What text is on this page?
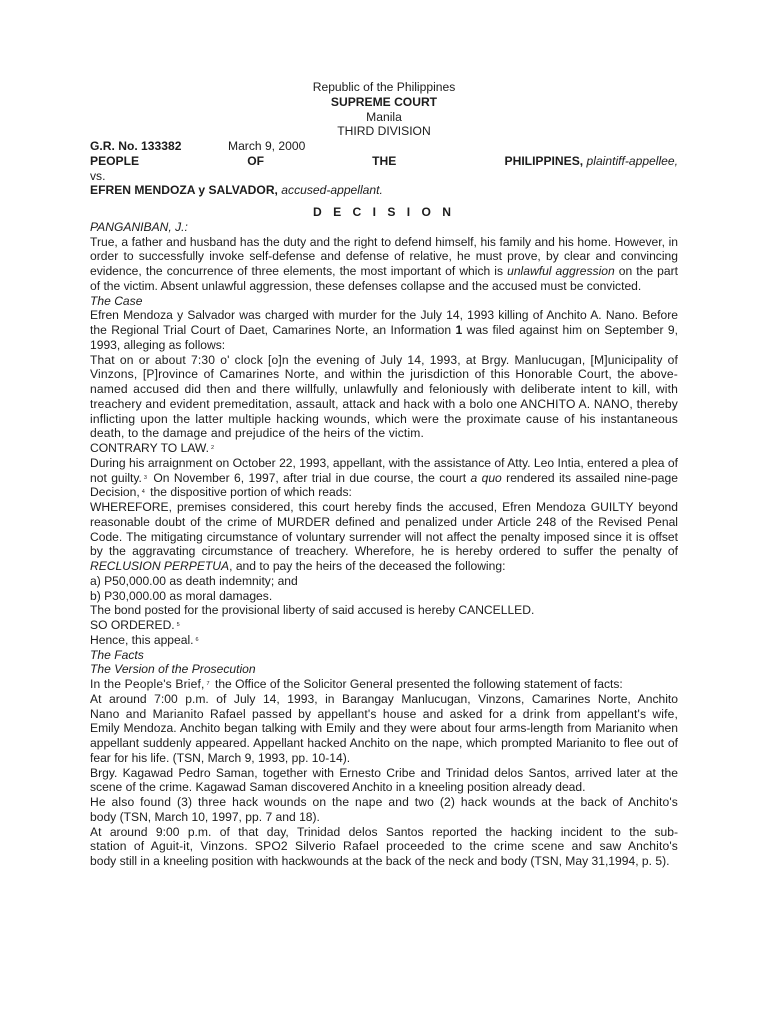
Republic of the Philippines
SUPREME COURT
Manila
THIRD DIVISION
G.R. No. 133382	March 9, 2000
PEOPLE	OF	THE	PHILIPPINES, plaintiff-appellee,
vs.
EFREN MENDOZA y SALVADOR, accused-appellant.
D E C I S I O N
PANGANIBAN, J.:

True, a father and husband has the duty and the right to defend himself, his family and his home. However, in order to successfully invoke self-defense and defense of relative, he must prove, by clear and convincing evidence, the concurrence of three elements, the most important of which is unlawful aggression on the part of the victim. Absent unlawful aggression, these defenses collapse and the accused must be convicted.

The Case

Efren Mendoza y Salvador was charged with murder for the July 14, 1993 killing of Anchito A. Nano. Before the Regional Trial Court of Daet, Camarines Norte, an Information 1 was filed against him on September 9, 1993, alleging as follows:

That on or about 7:30 o' clock [o]n the evening of July 14, 1993, at Brgy. Manlucugan, [M]unicipality of Vinzons, [P]rovince of Camarines Norte, and within the jurisdiction of this Honorable Court, the above-named accused did then and there willfully, unlawfully and feloniously with deliberate intent to kill, with treachery and evident premeditation, assault, attack and hack with a bolo one ANCHITO A. NANO, thereby inflicting upon the latter multiple hacking wounds, which were the proximate cause of his instantaneous death, to the damage and prejudice of the heirs of the victim.

CONTRARY TO LAW. $^2$

During his arraignment on October 22, 1993, appellant, with the assistance of Atty. Leo Intia, entered a plea of not guilty. $^3$ On November 6, 1997, after trial in due course, the court a quo rendered its assailed nine-page Decision, $^4$ the dispositive portion of which reads:

WHEREFORE, premises considered, this court hereby finds the accused, Efren Mendoza GUILTY beyond reasonable doubt of the crime of MURDER defined and penalized under Article 248 of the Revised Penal Code. The mitigating circumstance of voluntary surrender will not affect the penalty imposed since it is offset by the aggravating circumstance of treachery. Wherefore, he is hereby ordered to suffer the penalty of RECLUSION PERPETUA, and to pay the heirs of the deceased the following:

a) P50,000.00 as death indemnity; and
b) P30,000.00 as moral damages.
The bond posted for the provisional liberty of said accused is hereby CANCELLED.
SO ORDERED. $^5$
Hence, this appeal. $^6$
The Facts
The Version of the Prosecution
In the People's Brief, $^7$ the Office of the Solicitor General presented the following statement of facts:
At around 7:00 p.m. of July 14, 1993, in Barangay Manlucugan, Vinzons, Camarines Norte, Anchito
Nano and Marianito Rafael passed by appellant's house and asked for a drink from appellant's wife,

Emily Mendoza. Anchito began talking with Emily and they were about four arms-length from Marianito when appellant suddenly appeared. Appellant hacked Anchito on the nape, which prompted Marianito to flee out of fear for his life. (TSN, March 9, 1993, pp. 10-14).

Brgy. Kagawad Pedro Saman, together with Ernesto Cribe and Trinidad delos Santos, arrived later at the scene of the crime. Kagawad Saman discovered Anchito in a kneeling position already dead.

He also found (3) three hack wounds on the nape and two (2) hack wounds at the back of Anchito's
body (TSN, March 10, 1997, pp. 7 and 18).
At around 9:00 p.m. of that day, Trinidad delos Santos reported the hacking incident to the sub-
station of Aguit-it, Vinzons. SPO2 Silverio Rafael proceeded to the crime scene and saw Anchito's

body still in a kneeling position with hackwounds at the back of the neck and body (TSN, May 31,1994, p. 5).
